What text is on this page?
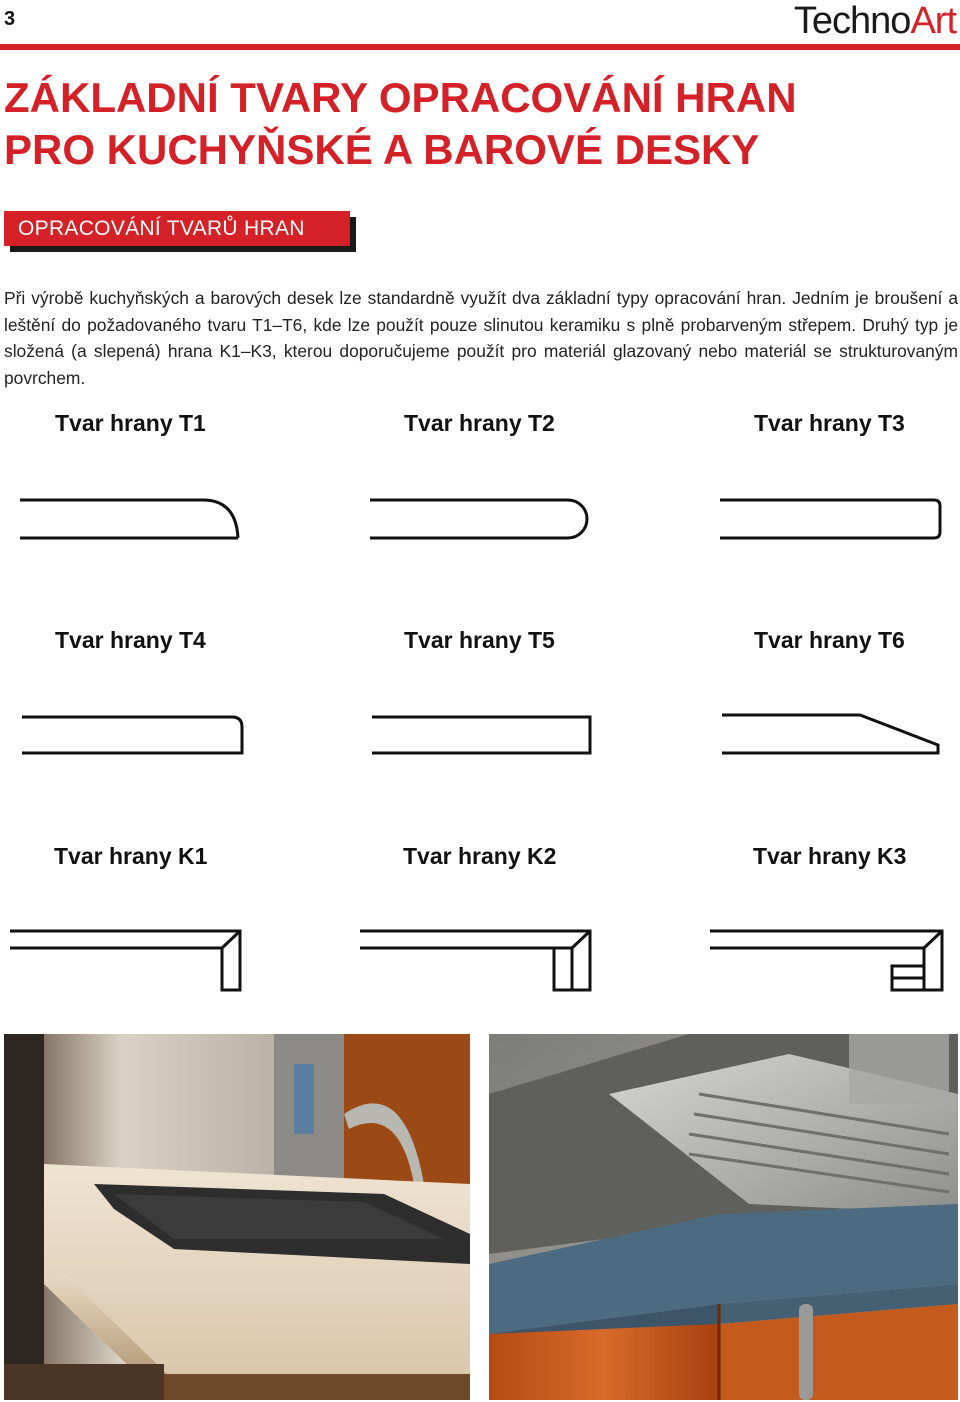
3	TechnoArt
ZÁKLADNÍ TVARY OPRACOVÁNÍ HRAN
PRO KUCHYŇSKÉ A BAROVÉ DESKY
OPRACOVÁNÍ TVARŮ HRAN

Při výrobě kuchyňských a barových desek lze standardně využít dva základní typy opracování hran. Jedním je broušení a leštění do požadovaného tvaru T1–T6, kde lze použít pouze slinutou keramiku s plně probarveným střepem. Druhý typ je složená (a slepená) hrana K1–K3, kterou doporučujeme použít pro materiál glazovaný nebo materiál se strukturovaným povrchem.

Tvar hrany T1	Tvar hrany T2	Tvar hrany T3
Tvar hrany T4	Tvar hrany T5	Tvar hrany T6
Tvar hrany K1	Tvar hrany K2	Tvar hrany K3
